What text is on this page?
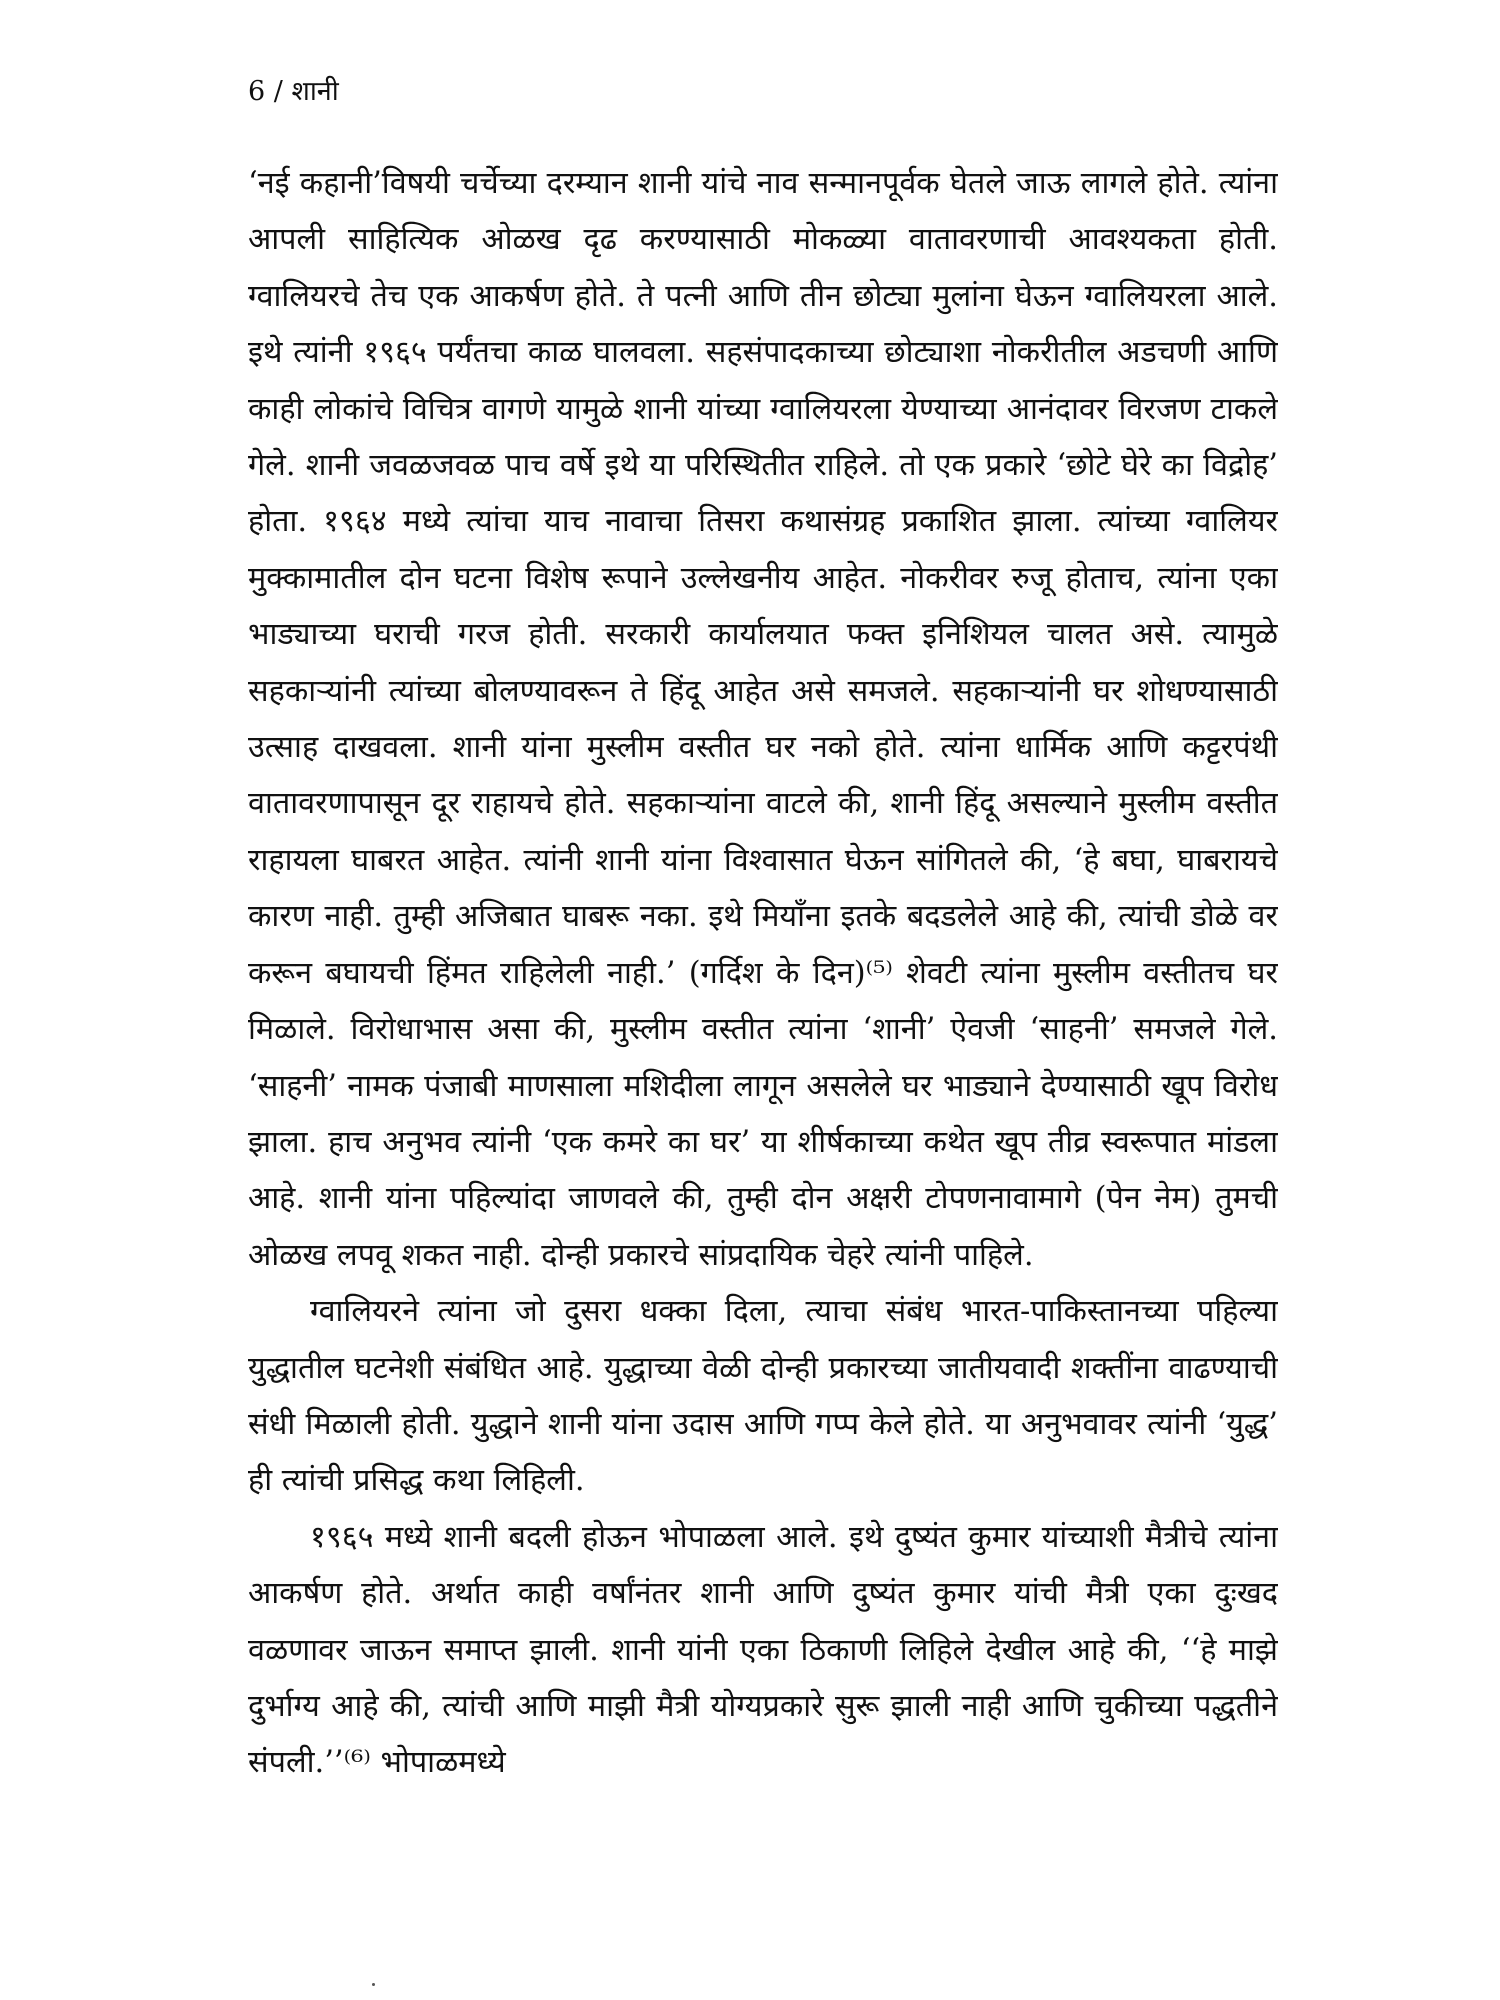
6 / शानी

‘नई कहानी’विषयी चर्चेच्या दरम्यान शानी यांचे नाव सन्मानपूर्वक घेतले जाऊ लागले होते. त्यांना आपली साहित्यिक ओळख दृढ करण्यासाठी मोकळ्या वातावरणाची आवश्यकता होती. ग्वालियरचे तेच एक आकर्षण होते. ते पत्नी आणि तीन छोट्या मुलांना घेऊन ग्वालियरला आले. इथे त्यांनी १९६५ पर्यंतचा काळ घालवला. सहसंपादकाच्या छोट्याशा नोकरीतील अडचणी आणि काही लोकांचे विचित्र वागणे यामुळे शानी यांच्या ग्वालियरला येण्याच्या आनंदावर विरजण टाकले गेले. शानी जवळजवळ पाच वर्षे इथे या परिस्थितीत राहिले. तो एक प्रकारे ‘छोटे घेरे का विद्रोह’ होता. १९६४ मध्ये त्यांचा याच नावाचा तिसरा कथासंग्रह प्रकाशित झाला. त्यांच्या ग्वालियर मुक्कामातील दोन घटना विशेष रूपाने उल्लेखनीय आहेत. नोकरीवर रुजू होताच, त्यांना एका भाड्याच्या घराची गरज होती. सरकारी कार्यालयात फक्त इनिशियल चालत असे. त्यामुळे सहकाऱ्यांनी त्यांच्या बोलण्यावरून ते हिंदू आहेत असे समजले. सहकाऱ्यांनी घर शोधण्यासाठी उत्साह दाखवला. शानी यांना मुस्लीम वस्तीत घर नको होते. त्यांना धार्मिक आणि कट्टरपंथी वातावरणापासून दूर राहायचे होते. सहकाऱ्यांना वाटले की, शानी हिंदू असल्याने मुस्लीम वस्तीत राहायला घाबरत आहेत. त्यांनी शानी यांना विश्वासात घेऊन सांगितले की, ‘हे बघा, घाबरायचे कारण नाही. तुम्ही अजिबात घाबरू नका. इथे मियाँना इतके बदडलेले आहे की, त्यांची डोळे वर करून बघायची हिंमत राहिलेली नाही.’ (गर्दिश के दिन)⁽⁵⁾ शेवटी त्यांना मुस्लीम वस्तीतच घर मिळाले. विरोधाभास असा की, मुस्लीम वस्तीत त्यांना ‘शानी’ ऐवजी ‘साहनी’ समजले गेले. ‘साहनी’ नामक पंजाबी माणसाला मशिदीला लागून असलेले घर भाड्याने देण्यासाठी खूप विरोध झाला. हाच अनुभव त्यांनी ‘एक कमरे का घर’ या शीर्षकाच्या कथेत खूप तीव्र स्वरूपात मांडला आहे. शानी यांना पहिल्यांदा जाणवले की, तुम्ही दोन अक्षरी टोपणनावामागे (पेन नेम) तुमची ओळख लपवू शकत नाही. दोन्ही प्रकारचे सांप्रदायिक चेहरे त्यांनी पाहिले.

ग्वालियरने त्यांना जो दुसरा धक्का दिला, त्याचा संबंध भारत-पाकिस्तानच्या पहिल्या युद्धातील घटनेशी संबंधित आहे. युद्धाच्या वेळी दोन्ही प्रकारच्या जातीयवादी शक्तींना वाढण्याची संधी मिळाली होती. युद्धाने शानी यांना उदास आणि गप्प केले होते. या अनुभवावर त्यांनी ‘युद्ध’ ही त्यांची प्रसिद्ध कथा लिहिली.

१९६५ मध्ये शानी बदली होऊन भोपाळला आले. इथे दुष्यंत कुमार यांच्याशी मैत्रीचे त्यांना आकर्षण होते. अर्थात काही वर्षांनंतर शानी आणि दुष्यंत कुमार यांची मैत्री एका दुःखद वळणावर जाऊन समाप्त झाली. शानी यांनी एका ठिकाणी लिहिले देखील आहे की, ‘‘हे माझे दुर्भाग्य आहे की, त्यांची आणि माझी मैत्री योग्यप्रकारे सुरू झाली नाही आणि चुकीच्या पद्धतीने संपली.’’⁽⁶⁾ भोपाळमध्ये
